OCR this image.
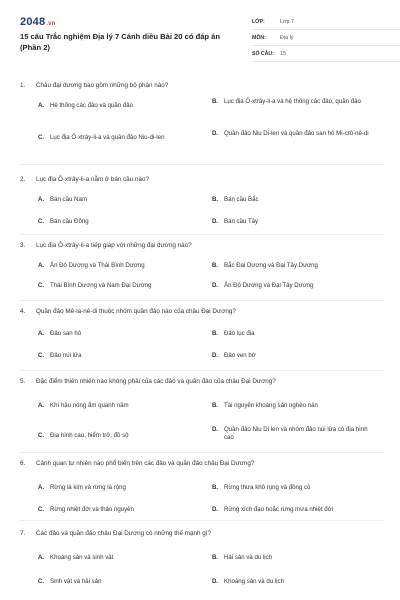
2048.vn
15 câu Trắc nghiệm Địa lý 7 Cánh diều Bài 20 có đáp án (Phần 2)
LỚP:	Lớp 7
MÔN:	Địa lý
SỐ CÂU:	15
1.	Châu đại dương bao gồm những bộ phận nào?
A. Hệ thống các đảo và quần đảo
B. Lục địa Ô-xtrây-li-a và hệ thống các đảo, quần đảo
C. Lục địa Ô-xtrây-li-a và quần đảo Niu-di-len
D. Quần đảo Niu Di-len và quần đảo san hô Mi-crô-nê-di
2.	Lục địa Ô-xtrây-li-a nằm ở bán cầu nào?
A. Bán cầu Nam	B. Bán cầu Bắc
C. Bán cầu Đông	D. Bán cầu Tây
3.	Lục địa Ô-xtrây-li-a tiếp giáp với những đại dương nào?
A. Ấn Độ Dương và Thái Bình Dương	B. Bắc Đại Dương và Đại Tây Dương
C. Thái Bình Dương và Nam Đại Dương	D. Ấn Độ Dương và Đại Tây Dương
4.	Quần đảo Mê-la-nê-di thuộc nhóm quần đảo nào của châu Đại Dương?
A. Đảo san hô	B. Đảo lục địa
C. Đảo núi lửa	D. Đảo ven bờ
5.	Đặc điểm thiên nhiên nào không phải của các đảo và quần đảo của châu Đại Dương?
A. Khí hậu nóng ẩm quanh năm	B. Tài nguyên khoáng sản nghèo nàn
C. Địa hình cao, hiểm trở, đồ sộ
D. Quần đảo Niu Di len và nhóm đảo núi lửa có địa hình cao
6.	Cảnh quan tự nhiên nào phổ biến trên các đảo và quần đảo châu Đại Dương?
A. Rừng lá kim và rừng lá rộng	B. Rừng thưa khô rụng và đồng cỏ
C. Rừng nhiệt đới và thảo nguyên	D. Rừng xích đạo hoặc rừng mưa nhiệt đới
7.	Các đảo và quần đảo châu Đại Dương có những thế mạnh gì?
A. Khoáng sản và sinh vật	B. Hải sản và du lịch
C. Sinh vật và hải sản	D. Khoáng sản và du lịch
